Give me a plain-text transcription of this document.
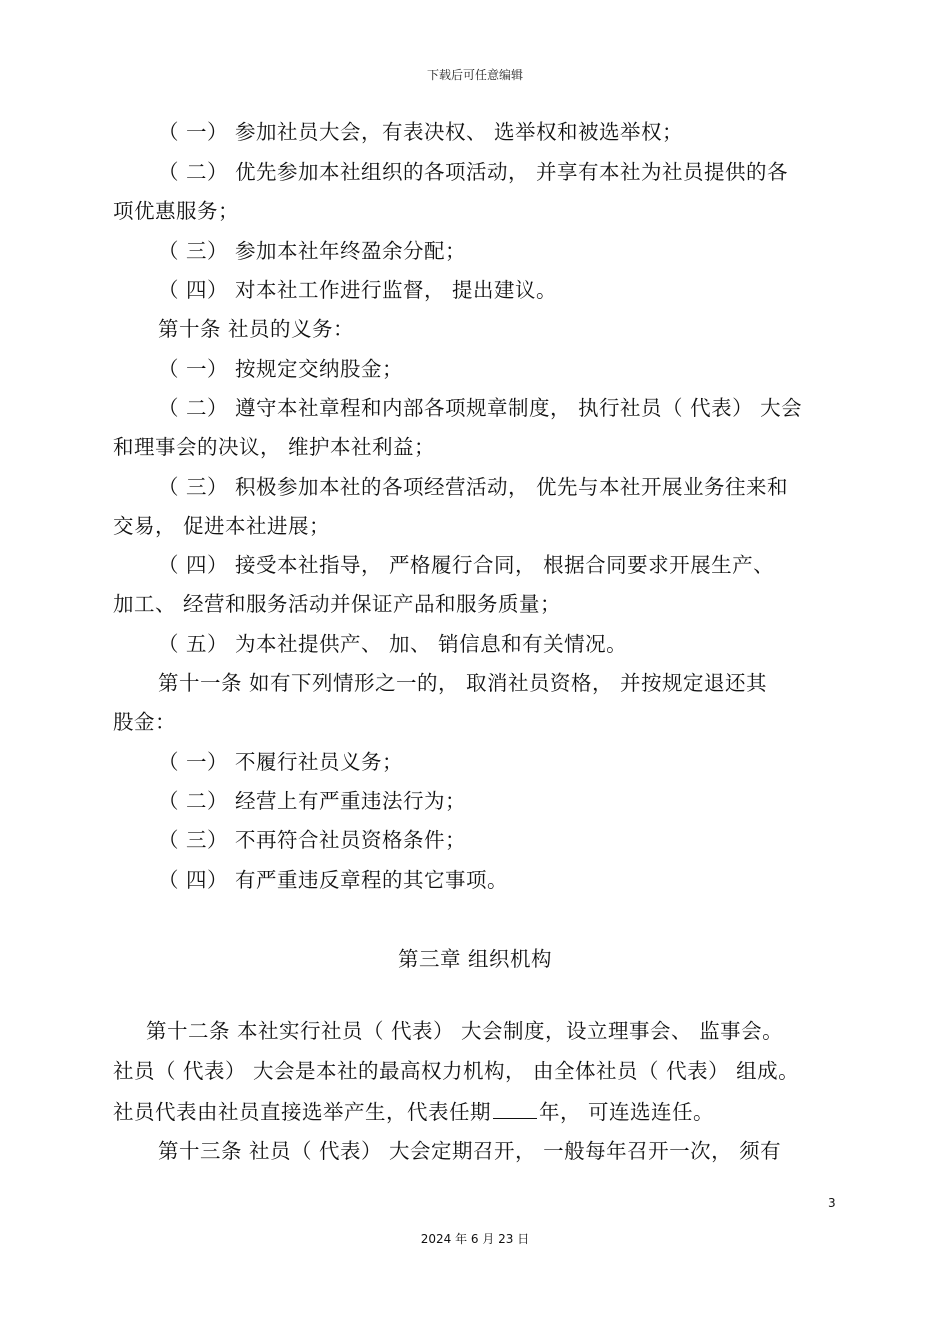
下载后可任意编辑
（ 一） 参加社员大会，有表决权、 选举权和被选举权；
（ 二） 优先参加本社组织的各项活动， 并享有本社为社员提供的各
项优惠服务；
（ 三） 参加本社年终盈余分配；
（ 四） 对本社工作进行监督， 提出建议。
第十条 社员的义务：
（ 一） 按规定交纳股金；
（ 二） 遵守本社章程和内部各项规章制度， 执行社员（ 代表） 大会
和理事会的决议， 维护本社利益；
（ 三） 积极参加本社的各项经营活动， 优先与本社开展业务往来和
交易， 促进本社进展；
（ 四） 接受本社指导， 严格履行合同， 根据合同要求开展生产、
加工、 经营和服务活动并保证产品和服务质量；
（ 五） 为本社提供产、 加、 销信息和有关情况。
第十一条 如有下列情形之一的， 取消社员资格， 并按规定退还其
股金：
（ 一） 不履行社员义务；
（ 二） 经营上有严重违法行为；
（ 三） 不再符合社员资格条件；
（ 四） 有严重违反章程的其它事项。
第三章 组织机构
第十二条 本社实行社员（ 代表） 大会制度，设立理事会、 监事会。
社员（ 代表） 大会是本社的最高权力机构， 由全体社员（ 代表） 组成。
社员代表由社员直接选举产生，代表任期 年， 可连选连任。
第十三条 社员（ 代表） 大会定期召开， 一般每年召开一次， 须有
3
2024 年 6 月 23 日
